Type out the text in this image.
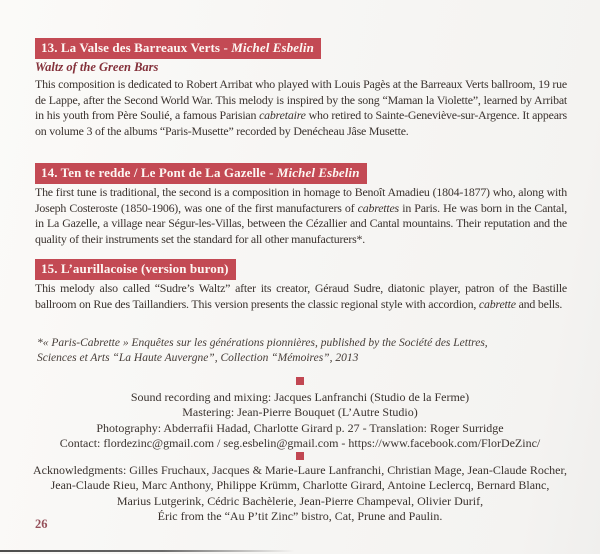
13. La Valse des Barreaux Verts - Michel Esbelin
Waltz of the Green Bars

This composition is dedicated to Robert Arribat who played with Louis Pagès at the Barreaux Verts ballroom, 19 rue de Lappe, after the Second World War. This melody is inspired by the song “Maman la Violette”, learned by Arribat in his youth from Père Soulié, a famous Parisian cabretaire who retired to Sainte-Geneviève-sur-Argence. It appears on volume 3 of the albums “Paris-Musette” recorded by Denécheau Jâse Musette.

14. Ten te redde / Le Pont de La Gazelle - Michel Esbelin

The first tune is traditional, the second is a composition in homage to Benoît Amadieu (1804-1877) who, along with Joseph Costeroste (1850-1906), was one of the first manufacturers of cabrettes in Paris. He was born in the Cantal, in La Gazelle, a village near Ségur-les-Villas, between the Cézallier and Cantal mountains. Their reputation and the quality of their instruments set the standard for all other manufacturers*.

15. L’aurillacoise (version buron)

This melody also called “Sudre’s Waltz” after its creator, Géraud Sudre, diatonic player, patron of the Bastille ballroom on Rue des Taillandiers. This version presents the classic regional style with accordion, cabrette and bells.

*« Paris-Cabrette » Enquêtes sur les générations pionnières, published by the Société des Lettres,
Sciences et Arts “La Haute Auvergne”, Collection “Mémoires”, 2013
Sound recording and mixing: Jacques Lanfranchi (Studio de la Ferme)
Mastering: Jean-Pierre Bouquet (L’Autre Studio)
Photography: Abderrafii Hadad, Charlotte Girard p. 27 - Translation: Roger Surridge
Contact: flordezinc@gmail.com / seg.esbelin@gmail.com - https://www.facebook.com/FlorDeZinc/
Acknowledgments: Gilles Fruchaux, Jacques & Marie-Laure Lanfranchi, Christian Mage, Jean-Claude Rocher,
Jean-Claude Rieu, Marc Anthony, Philippe Krümm, Charlotte Girard, Antoine Leclercq, Bernard Blanc,
Marius Lutgerink, Cédric Bachèlerie, Jean-Pierre Champeval, Olivier Durif,
Éric from the “Au P’tit Zinc” bistro, Cat, Prune and Paulin.
26
